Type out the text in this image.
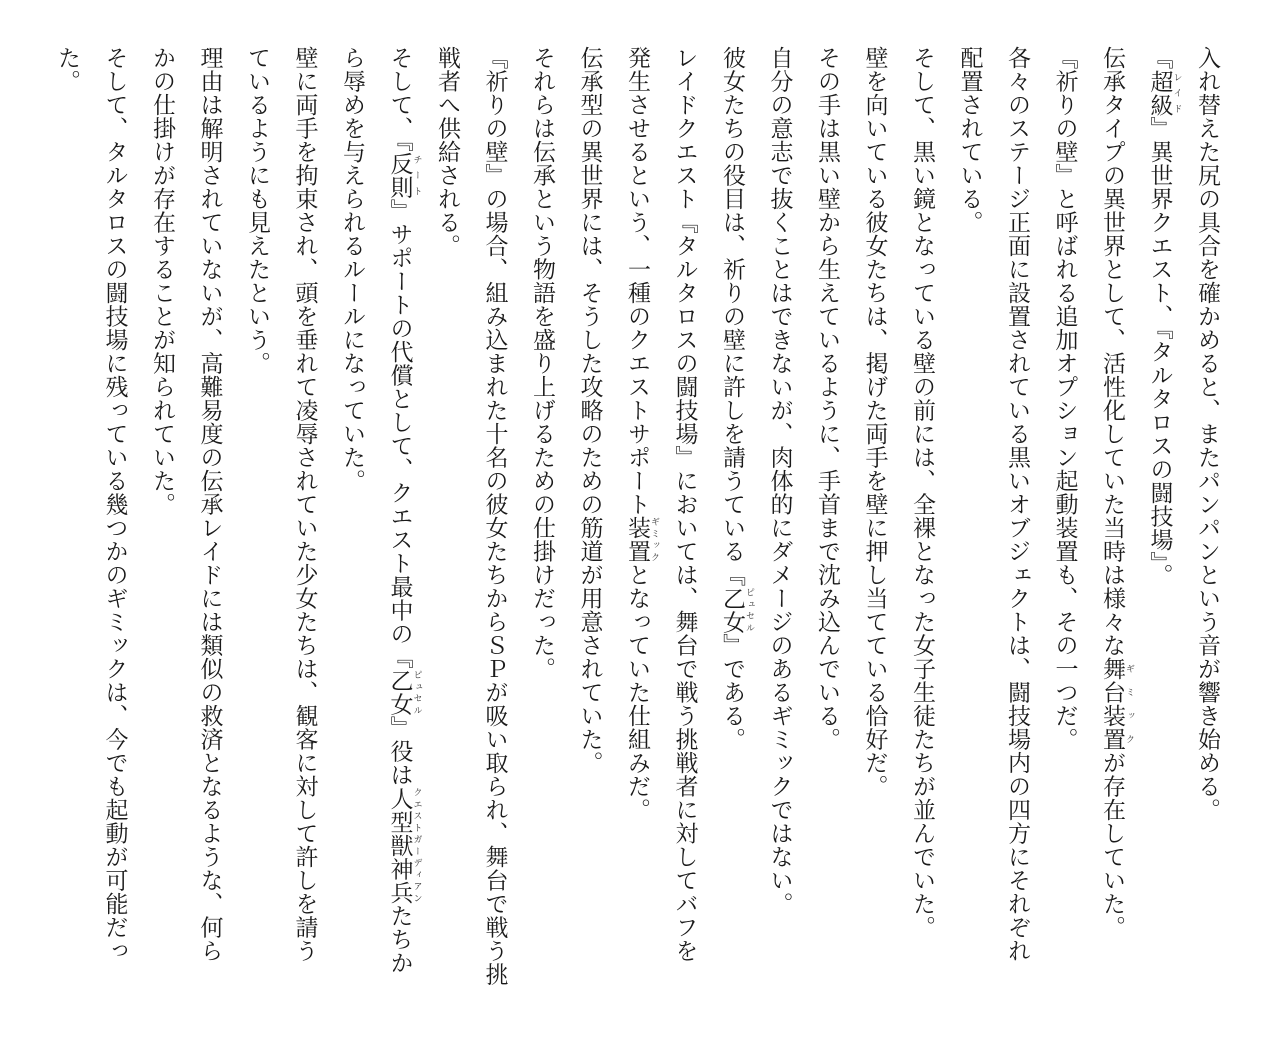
入れ替えた尻の具合を確かめると、またパンパンという音が響き始める。
『超級 レイド』異世界クエスト、『タルタロスの闘技場』。
伝承タイプの異世界として、活性化していた当時は様々な舞台装置 ギミックが存在していた。
『祈りの壁』と呼ばれる追加オプション起動装置も、その一つだ。
各々のステージ正面に設置されている黒いオブジェクトは、闘技場内の四方にそれぞれ
配置されている。
そして、黒い鏡となっている壁の前には、全裸となった女子生徒たちが並んでいた。
壁を向いている彼女たちは、掲げた両手を壁に押し当てている恰好だ。
その手は黒い壁から生えているように、手首まで沈み込んでいる。
自分の意志で抜くことはできないが、肉体的にダメージのあるギミックではない。
彼女たちの役目は、祈りの壁に許しを請うている『乙女 ピュセル』である。
レイドクエスト『タルタロスの闘技場』においては、舞台で戦う挑戦者に対してバフを
発生させるという、一種のクエストサポート装置 ギミックとなっていた仕組みだ。
伝承型の異世界には、そうした攻略のための筋道が用意されていた。
それらは伝承という物語を盛り上げるための仕掛けだった。
『祈りの壁』の場合、組み込まれた十名の彼女たちからＳＰが吸い取られ、舞台で戦う挑
戦者へ供給される。
そして、『反則 チート』サポートの代償として、クエスト最中の『乙女 ピュセル』役は人型獣神兵 クエストガーディアンたちか
ら辱めを与えられるルールになっていた。
壁に両手を拘束され、頭を垂れて凌辱されていた少女たちは、観客に対して許しを請う
ているようにも見えたという。
理由は解明されていないが、高難易度の伝承レイドには類似の救済となるような、何ら
かの仕掛けが存在することが知られていた。
そして、タルタロスの闘技場に残っている幾つかのギミックは、今でも起動が可能だっ
た。
